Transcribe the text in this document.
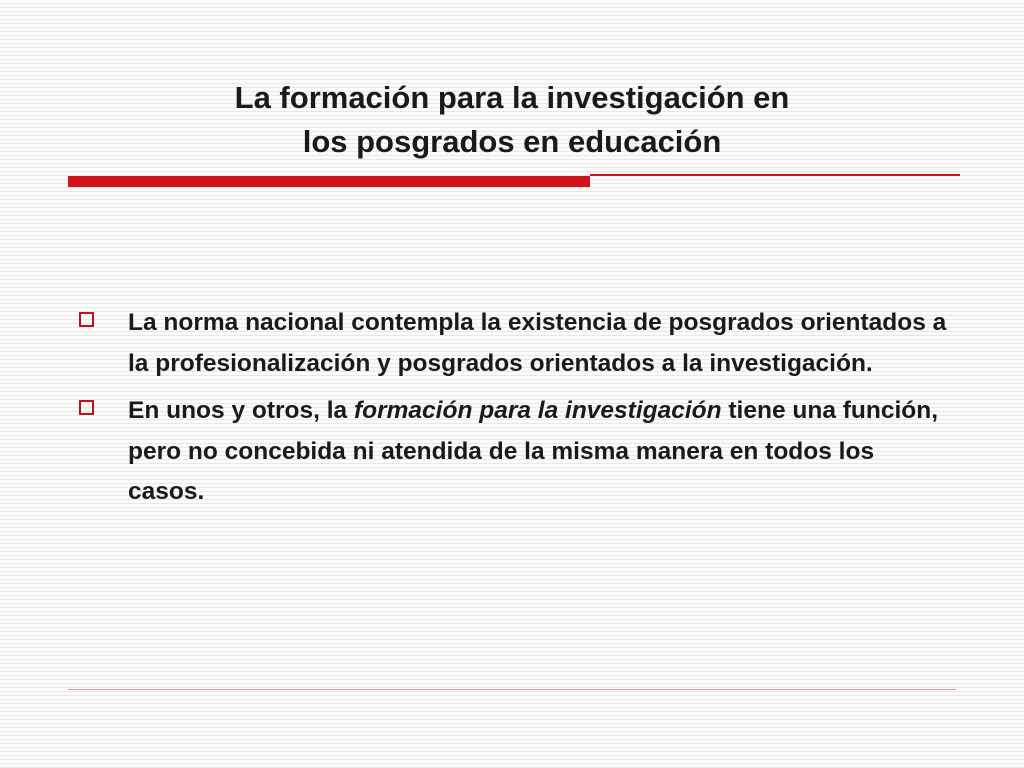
La formación para la investigación en
los posgrados en educación
La norma nacional contempla la existencia de posgrados orientados a la profesionalización y posgrados orientados a la investigación.
En unos y otros, la formación para la investigación tiene una función, pero no concebida ni atendida de la misma manera en todos los casos.
